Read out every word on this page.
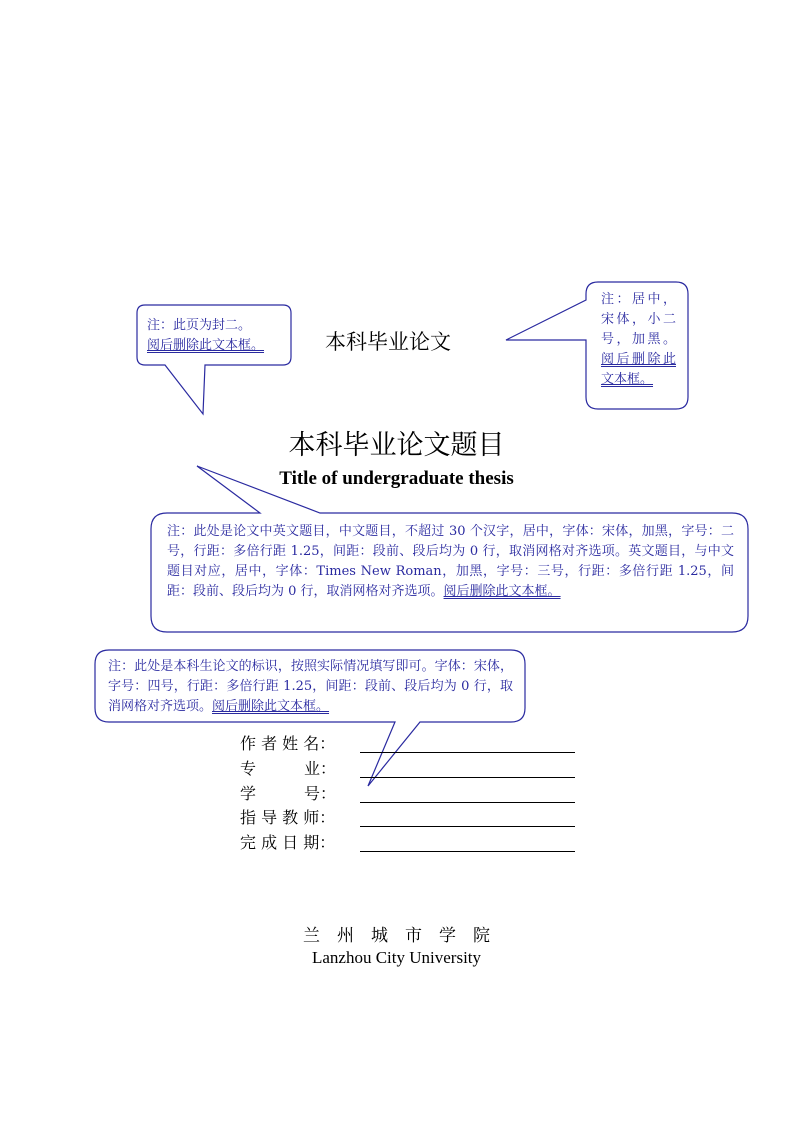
注：此页为封二。
阅后删除此文本框。
注：居中，宋体，小二号，加黑。阅后删除此文本框。
注：此处是论文中英文题目，中文题目，不超过 30 个汉字，居中，字体：宋体，加黑，字号：二号，行距：多倍行距 1.25，间距：段前、段后均为 0 行，取消网格对齐选项。英文题目，与中文题目对应，居中，字体：Times New Roman，加黑，字号：三号，行距：多倍行距 1.25，间距：段前、段后均为 0 行，取消网格对齐选项。阅后删除此文本框。
注：此处是本科生论文的标识，按照实际情况填写即可。字体：宋体，字号：四号，行距：多倍行距 1.25，间距：段前、段后均为 0 行，取消网格对齐选项。阅后删除此文本框。
本科毕业论文
本科毕业论文题目
Title of undergraduate thesis
作 者 姓 名：
专　　　业：
学　　　号：
指 导 教 师：
完 成 日 期：
兰　州　城　市　学　院
Lanzhou City University
